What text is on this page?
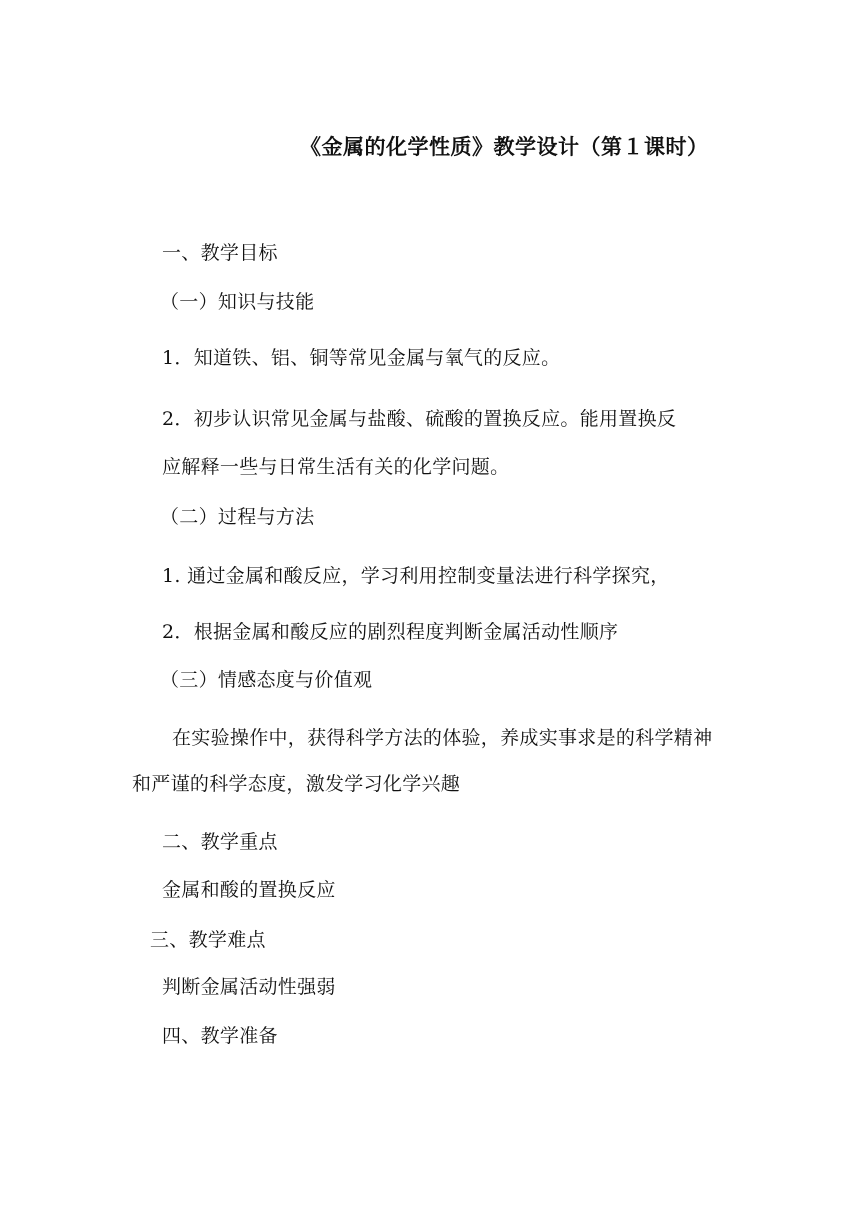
《金属的化学性质》教学设计（第１课时）
一、教学目标
（一）知识与技能
1．知道铁、铝、铜等常见金属与氧气的反应。
2．初步认识常见金属与盐酸、硫酸的置换反应。能用置换反
应解释一些与日常生活有关的化学问题。
（二）过程与方法
1. 通过金属和酸反应，学习利用控制变量法进行科学探究，
2．根据金属和酸反应的剧烈程度判断金属活动性顺序
（三）情感态度与价值观
在实验操作中，获得科学方法的体验，养成实事求是的科学精神
和严谨的科学态度，激发学习化学兴趣
二、教学重点
金属和酸的置换反应
三、教学难点
判断金属活动性强弱
四、教学准备
